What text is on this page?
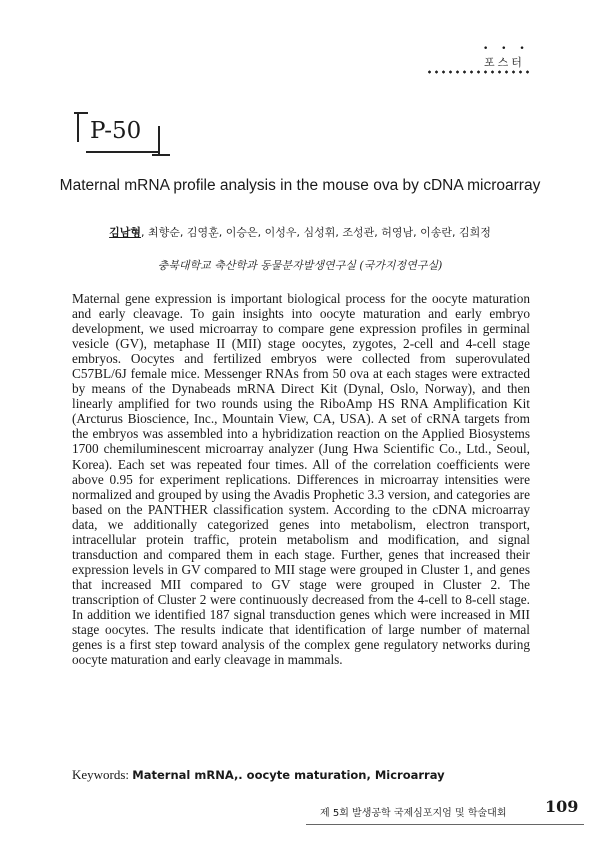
• • •
포스터
P-50
Maternal mRNA profile analysis in the mouse ova by cDNA microarray
김남형, 최향순, 김영훈, 이승은, 이성우, 심성휘, 조성관, 허영남, 이송란, 김희정
충북대학교 축산학과 동물분자발생연구실 (국가지정연구실)

Maternal gene expression is important biological process for the oocyte maturation and early cleavage. To gain insights into oocyte maturation and early embryo development, we used microarray to compare gene expression profiles in germinal vesicle (GV), metaphase II (MII) stage oocytes, zygotes, 2-cell and 4-cell stage embryos. Oocytes and fertilized embryos were collected from superovulated C57BL/6J female mice. Messenger RNAs from 50 ova at each stages were extracted by means of the Dynabeads mRNA Direct Kit (Dynal, Oslo, Norway), and then linearly amplified for two rounds using the RiboAmp HS RNA Amplification Kit (Arcturus Bioscience, Inc., Mountain View, CA, USA). A set of cRNA targets from the embryos was assembled into a hybridization reaction on the Applied Biosystems 1700 chemiluminescent microarray analyzer (Jung Hwa Scientific Co., Ltd., Seoul, Korea). Each set was repeated four times. All of the correlation coefficients were above 0.95 for experiment replications. Differences in microarray intensities were normalized and grouped by using the Avadis Prophetic 3.3 version, and categories are based on the PANTHER classification system. According to the cDNA microarray data, we additionally categorized genes into metabolism, electron transport, intracellular protein traffic, protein metabolism and modification, and signal transduction and compared them in each stage. Further, genes that increased their expression levels in GV compared to MII stage were grouped in Cluster 1, and genes that increased MII compared to GV stage were grouped in Cluster 2. The transcription of Cluster 2 were continuously decreased from the 4-cell to 8-cell stage. In addition we identified 187 signal transduction genes which were increased in MII stage oocytes. The results indicate that identification of large number of maternal genes is a first step toward analysis of the complex gene regulatory networks during oocyte maturation and early cleavage in mammals.

Keywords: Maternal mRNA,. oocyte maturation, Microarray
제 5회 발생공학 국제심포지엄 및 학술대회 109
